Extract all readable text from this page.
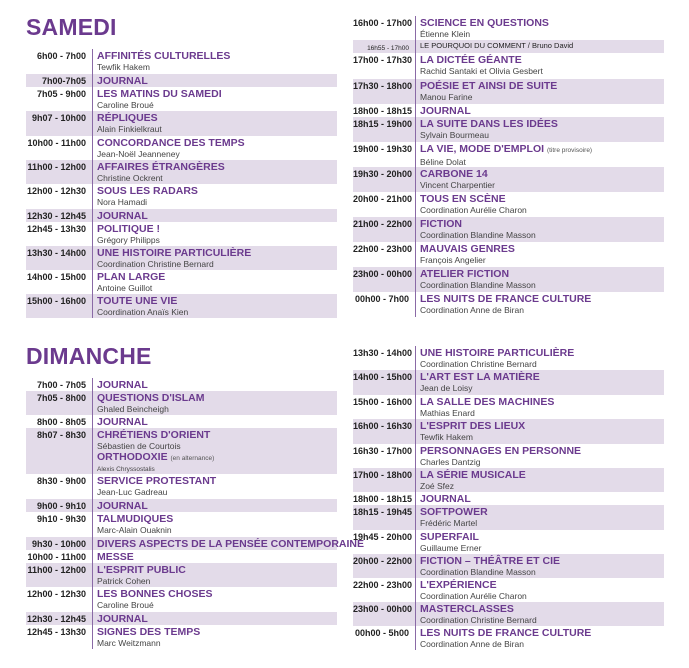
SAMEDI
DIMANCHE
6h00 - 7h00	AFFINITÉS CULTURELLES
Tewfik Hakem
7h00-7h05	JOURNAL
7h05 - 9h00	LES MATINS DU SAMEDI
Caroline Broué
9h07 - 10h00	RÉPLIQUES
Alain Finkielkraut
10h00 - 11h00	CONCORDANCE DES TEMPS
Jean-Noël Jeanneney
11h00 - 12h00	AFFAIRES ÉTRANGÈRES
Christine Ockrent
12h00 - 12h30	SOUS LES RADARS
Nora Hamadi
12h30 - 12h45	JOURNAL
12h45 - 13h30	POLITIQUE !
Grégory Philipps
13h30 - 14h00	UNE HISTOIRE PARTICULIÈRE
Coordination Christine Bernard
14h00 - 15h00	PLAN LARGE
Antoine Guillot
15h00 - 16h00	TOUTE UNE VIE
Coordination Anaïs Kien
16h00 - 17h00 SCIENCE EN QUESTIONS
Étienne Klein
16h55 - 17h00	LE POURQUOI DU COMMENT / Bruno David
17h00 - 17h30 LA DICTÉE GÉANTE
Rachid Santaki et Olivia Gesbert
17h30 - 18h00 POÉSIE ET AINSI DE SUITE
Manou Farine
18h00 - 18h15 JOURNAL
18h15 - 19h00 LA SUITE DANS LES IDÉES
Sylvain Bourmeau
19h00 - 19h30 LA VIE, MODE D'EMPLOI (titre provisoire)
Béline Dolat
19h30 - 20h00 CARBONE 14
Vincent Charpentier
20h00 - 21h00 TOUS EN SCÈNE
Coordination Aurélie Charon
21h00 - 22h00 FICTION
Coordination Blandine Masson
22h00 - 23h00 MAUVAIS GENRES
François Angelier
23h00 - 00h00 ATELIER FICTION
Coordination Blandine Masson
00h00 - 7h00	LES NUITS DE FRANCE CULTURE
Coordination Anne de Biran
7h00 - 7h05	JOURNAL
7h05 - 8h00	QUESTIONS D'ISLAM
Ghaled Beincheigh
8h00 - 8h05	JOURNAL
8h07 - 8h30	CHRÉTIENS D'ORIENT
Sébastien de Courtois
ORTHODOXIE (en alternance)
Alexis Chryssostalis
8h30 - 9h00	SERVICE PROTESTANT
Jean-Luc Gadreau
9h00 - 9h10	JOURNAL
9h10 - 9h30	TALMUDIQUES
Marc-Alain Ouaknin
9h30 - 10h00	DIVERS ASPECTS DE LA PENSÉE CONTEMPORAINE
10h00 - 11h00	MESSE
11h00 - 12h00	L'ESPRIT PUBLIC
Patrick Cohen
12h00 - 12h30	LES BONNES CHOSES
Caroline Broué
12h30 - 12h45	JOURNAL
12h45 - 13h30	SIGNES DES TEMPS
Marc Weitzmann
13h30 - 14h00 UNE HISTOIRE PARTICULIÈRE
Coordination Christine Bernard
14h00 - 15h00 L'ART EST LA MATIÈRE
Jean de Loisy
15h00 - 16h00 LA SALLE DES MACHINES
Mathias Enard
16h00 - 16h30 L'ESPRIT DES LIEUX
Tewfik Hakem
16h30 - 17h00 PERSONNAGES EN PERSONNE
Charles Dantzig
17h00 - 18h00 LA SÉRIE MUSICALE
Zoé Sfez
18h00 - 18h15 JOURNAL
18h15 - 19h45 SOFTPOWER
Frédéric Martel
19h45 - 20h00 SUPERFAIL
Guillaume Erner
20h00 - 22h00 FICTION – THÉÂTRE ET CIE
Coordination Blandine Masson
22h00 - 23h00 L'EXPÉRIENCE
Coordination Aurélie Charon
23h00 - 00h00 MASTERCLASSES
Coordination Christine Bernard
00h00 - 5h00	LES NUITS DE FRANCE CULTURE
Coordination Anne de Biran
